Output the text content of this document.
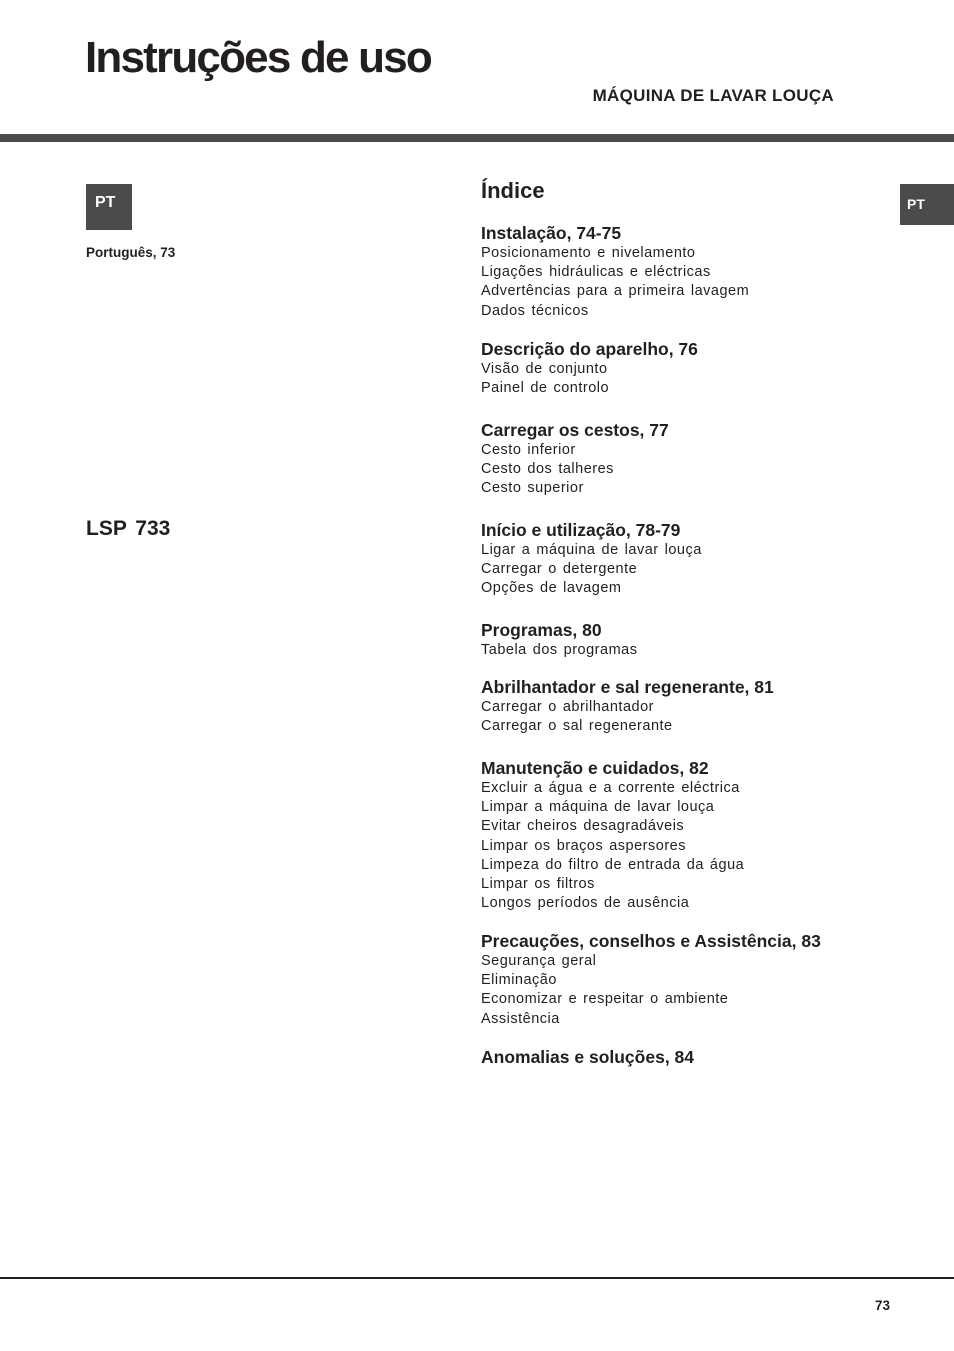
Instruções de uso
MÁQUINA DE LAVAR LOUÇA
PT
Português, 73
PT
LSP 733
Índice
Instalação, 74-75
Posicionamento e nivelamento
Ligações hidráulicas e eléctricas
Advertências para a primeira lavagem
Dados técnicos
Descrição do aparelho, 76
Visão de conjunto
Painel de controlo
Carregar os cestos, 77
Cesto inferior
Cesto dos talheres
Cesto superior
Início e utilização, 78-79
Ligar a máquina de lavar louça
Carregar o detergente
Opções de lavagem
Programas, 80
Tabela dos programas
Abrilhantador e sal regenerante, 81
Carregar o abrilhantador
Carregar o sal regenerante
Manutenção e cuidados, 82
Excluir a água e a corrente eléctrica
Limpar a máquina de lavar louça
Evitar cheiros desagradáveis
Limpar os braços aspersores
Limpeza do filtro de entrada da água
Limpar os filtros
Longos períodos de ausência
Precauções, conselhos e Assistência, 83
Segurança geral
Eliminação
Economizar e respeitar o ambiente
Assistência
Anomalias e soluções, 84
73
